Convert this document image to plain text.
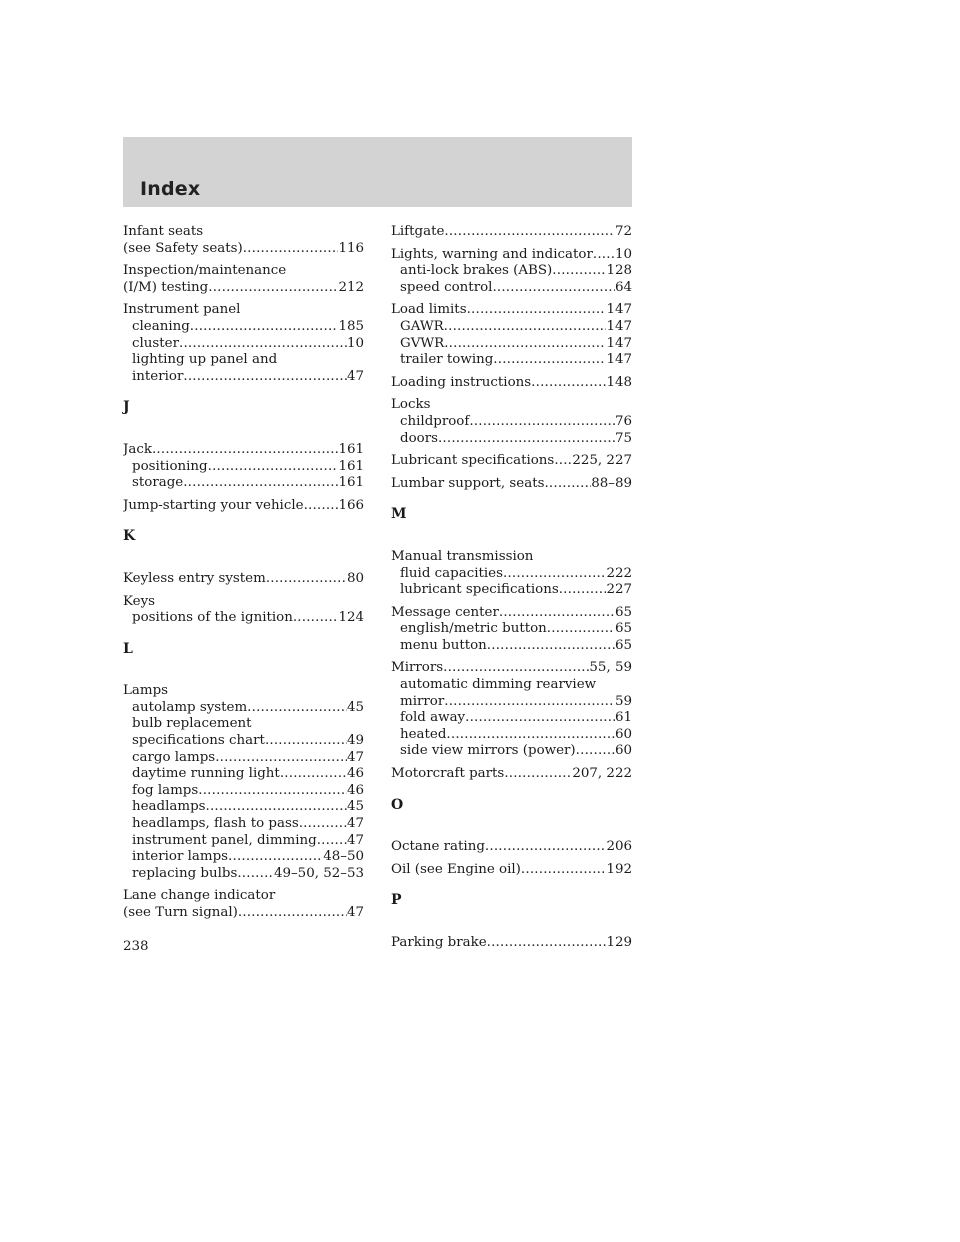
Index
Infant seats
(see Safety seats) .....	116
Inspection/maintenance
(I/M) testing .....	212
Instrument panel
cleaning .....	185
cluster .....	10
lighting up panel and
interior .....	47
J
Jack .....	161
positioning .....	161
storage .....	161
Jump-starting your vehicle .....	166
K
Keyless entry system .....	80
Keys
positions of the ignition .....	124
L
Lamps
autolamp system .....	45
bulb replacement
specifications chart .....	49
cargo lamps .....	47
daytime running light .....	46
fog lamps .....	46
headlamps .....	45
headlamps, flash to pass .....	47
instrument panel, dimming ..... 47
interior lamps .....	48–50
replacing bulbs .....	49–50, 52–53
Lane change indicator
(see Turn signal) .....	47
Liftgate .....	72
Lights, warning and indicator ..... 10
anti-lock brakes (ABS) .....	128
speed control .....	64
Load limits .....	147
GAWR .....	147
GVWR .....	147
trailer towing .....	147
Loading instructions .....	148
Locks
childproof .....	76
doors .....	75
Lubricant specifications ..... 225, 227
Lumbar support, seats .....	88–89
M
Manual transmission
fluid capacities .....	222
lubricant specifications .....	227
Message center .....	65
english/metric button .....	65
menu button .....	65
Mirrors .....	55, 59
automatic dimming rearview
mirror .....	59
fold away .....	61
heated .....	60
side view mirrors (power) .....	60
Motorcraft parts .....	207, 222
O
Octane rating .....	206
Oil (see Engine oil) .....	192
P
Parking brake .....	129
238
